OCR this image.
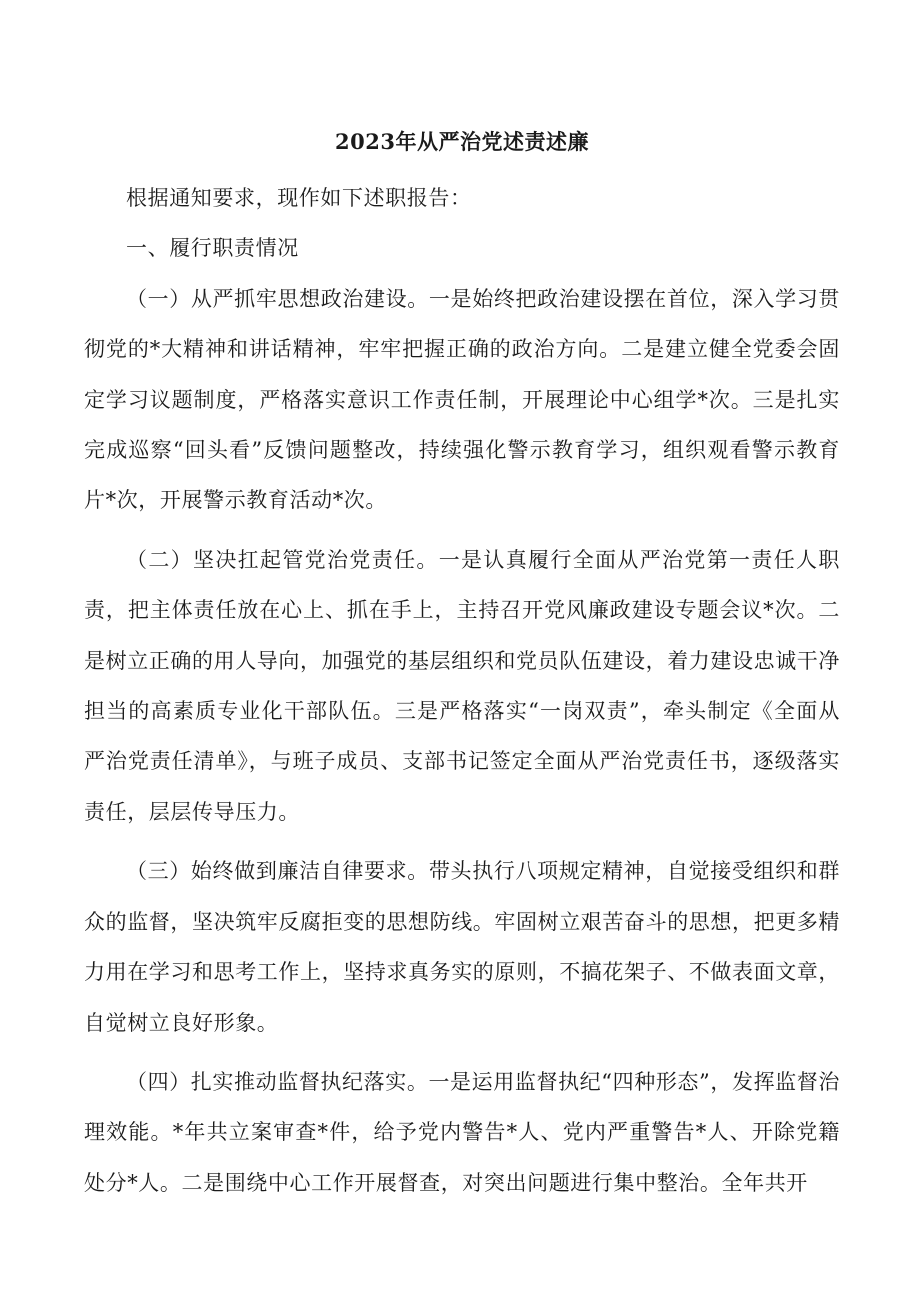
2023年从严治党述责述廉

根据通知要求，现作如下述职报告：

一、履行职责情况

（一）从严抓牢思想政治建设。一是始终把政治建设摆在首位，深入学习贯彻党的*大精神和讲话精神，牢牢把握正确的政治方向。二是建立健全党委会固定学习议题制度，严格落实意识工作责任制，开展理论中心组学*次。三是扎实完成巡察“回头看”反馈问题整改，持续强化警示教育学习，组织观看警示教育片*次，开展警示教育活动*次。

（二）坚决扛起管党治党责任。一是认真履行全面从严治党第一责任人职责，把主体责任放在心上、抓在手上，主持召开党风廉政建设专题会议*次。二是树立正确的用人导向，加强党的基层组织和党员队伍建设，着力建设忠诚干净担当的高素质专业化干部队伍。三是严格落实“一岗双责”，牵头制定《全面从严治党责任清单》，与班子成员、支部书记签定全面从严治党责任书，逐级落实责任，层层传导压力。

（三）始终做到廉洁自律要求。带头执行八项规定精神，自觉接受组织和群众的监督，坚决筑牢反腐拒变的思想防线。牢固树立艰苦奋斗的思想，把更多精力用在学习和思考工作上，坚持求真务实的原则，不搞花架子、不做表面文章，自觉树立良好形象。

（四）扎实推动监督执纪落实。一是运用监督执纪“四种形态”，发挥监督治理效能。*年共立案审查*件，给予党内警告*人、党内严重警告*人、开除党籍处分*人。二是围绕中心工作开展督查，对突出问题进行集中整治。全年共开
